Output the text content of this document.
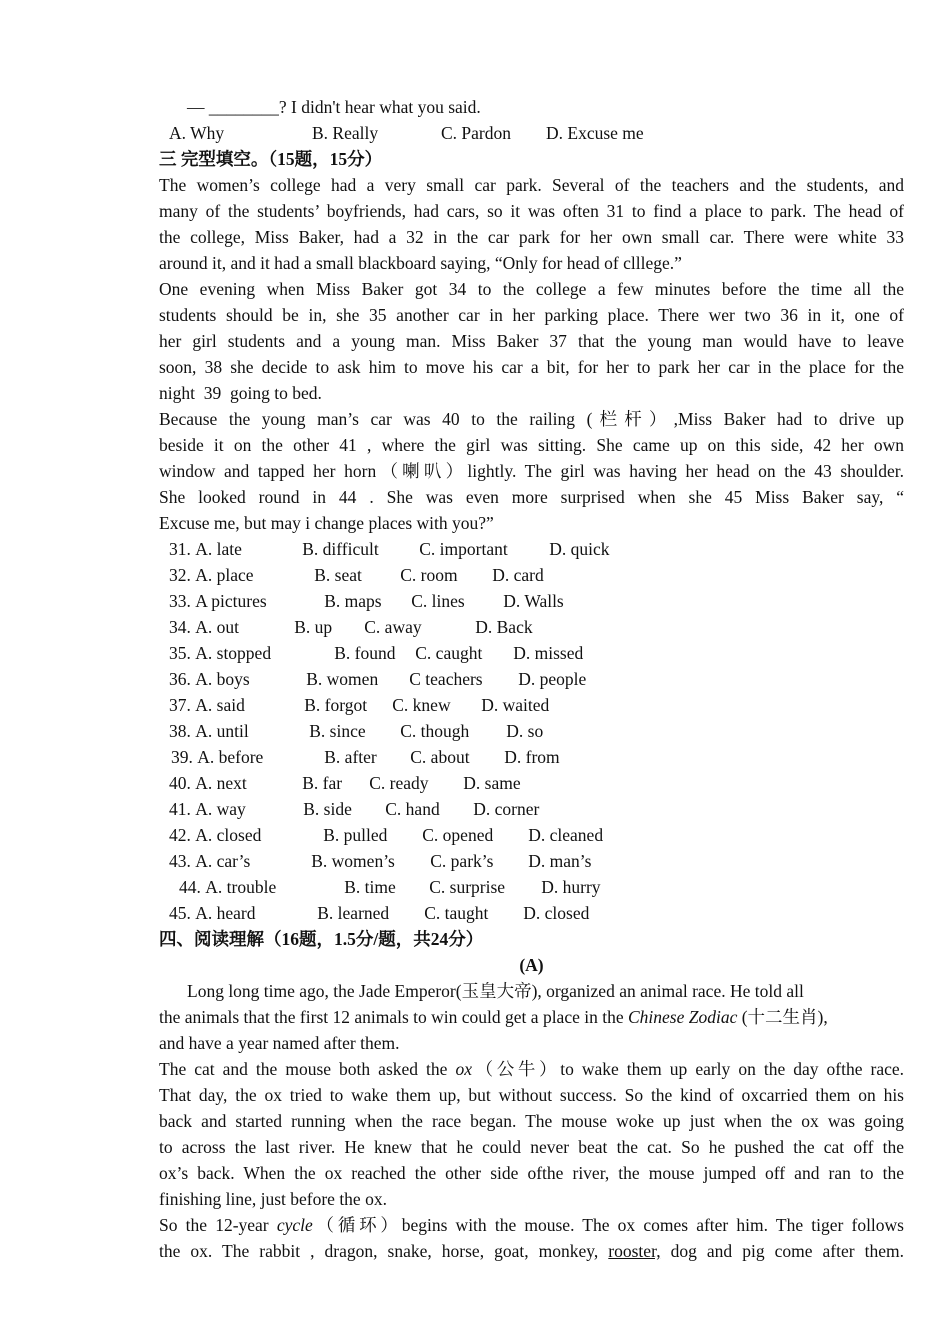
— ________? I didn't hear what you said.
A. Why	B. Really	C. Pardon	D. Excuse me
三 完型填空。（15题，15分）
The women’s college had a very small car park. Several of the teachers and the students, and
many of the students’ boyfriends, had cars, so it was often 31 to find a place to park. The head of
the college, Miss Baker, had a 32 in the car park for her own small car. There were white 33
around it, and it had a small blackboard saying, “Only for head of clllege.”
One evening when Miss Baker got 34 to the college a few minutes before the time all the
students should be in, she 35 another car in her parking place. There wer two 36 in it, one of
her girl students and a young man. Miss Baker 37 that the young man would have to leave
soon, 38 she decide to ask him to move his car a bit, for her to park her car in the place for the
night  39  going to bed.
Because the young man’s car was 40 to the railing (栏杆）,Miss Baker had to drive up
beside it on the other 41 , where the girl was sitting. She came up on this side, 42 her own
window and tapped her horn（喇叭）lightly. The girl was having her head on the 43 shoulder.
She looked round in 44 . She was even more surprised when she 45 Miss Baker say, “
Excuse me, but may i change places with you?”
31.
A. late	B. difficult	C. important	D. quick
32.
A. place	B. seat	C. room	D. card
33.
A pictures	B. maps	C. lines	D. Walls
34.
A. out	B. up	C. away	D. Back
35.
A. stopped	B. found	C. caught	D. missed
36.
A. boys	B. women	C teachers	D. people
37.
A. said	B. forgot	C. knew	D. waited
38.
A. until	B. since	C. though	D. so
39.
A. before	B. after	C. about	D. from
40.
A. next	B. far	C. ready	D. same
41.
A. way	B. side	C. hand	D. corner
42.
A. closed	B. pulled	C. opened	D. cleaned
43.
A. car’s	B. women’s	C. park’s	D. man’s
44.
A. trouble	B. time	C. surprise	D. hurry
45.
A. heard	B. learned	C. taught	D. closed
四、阅读理解（16题，1.5分/题，共24分）
(A)
Long long time ago, the Jade Emperor(玉皇大帝), organized an animal race. He told all
the animals that the first 12 animals to win could get a place in the Chinese Zodiac (十二生肖),
and have a year named after them.
The cat and the mouse both asked the ox（公牛）to wake them up early on the day ofthe race.
That day, the ox tried to wake them up, but without success. So the kind of oxcarried them on his
back and started running when the race began. The mouse woke up just when the ox was going
to across the last river. He knew that he could never beat the cat. So he pushed the cat off the
ox’s back. When the ox reached the other side ofthe river, the mouse jumped off and ran to the
finishing line, just before the ox.
So the 12-year cycle（循环）begins with the mouse. The ox comes after him. The tiger follows
the ox. The rabbit , dragon, snake, horse, goat, monkey, rooster, dog and pig come after them.
